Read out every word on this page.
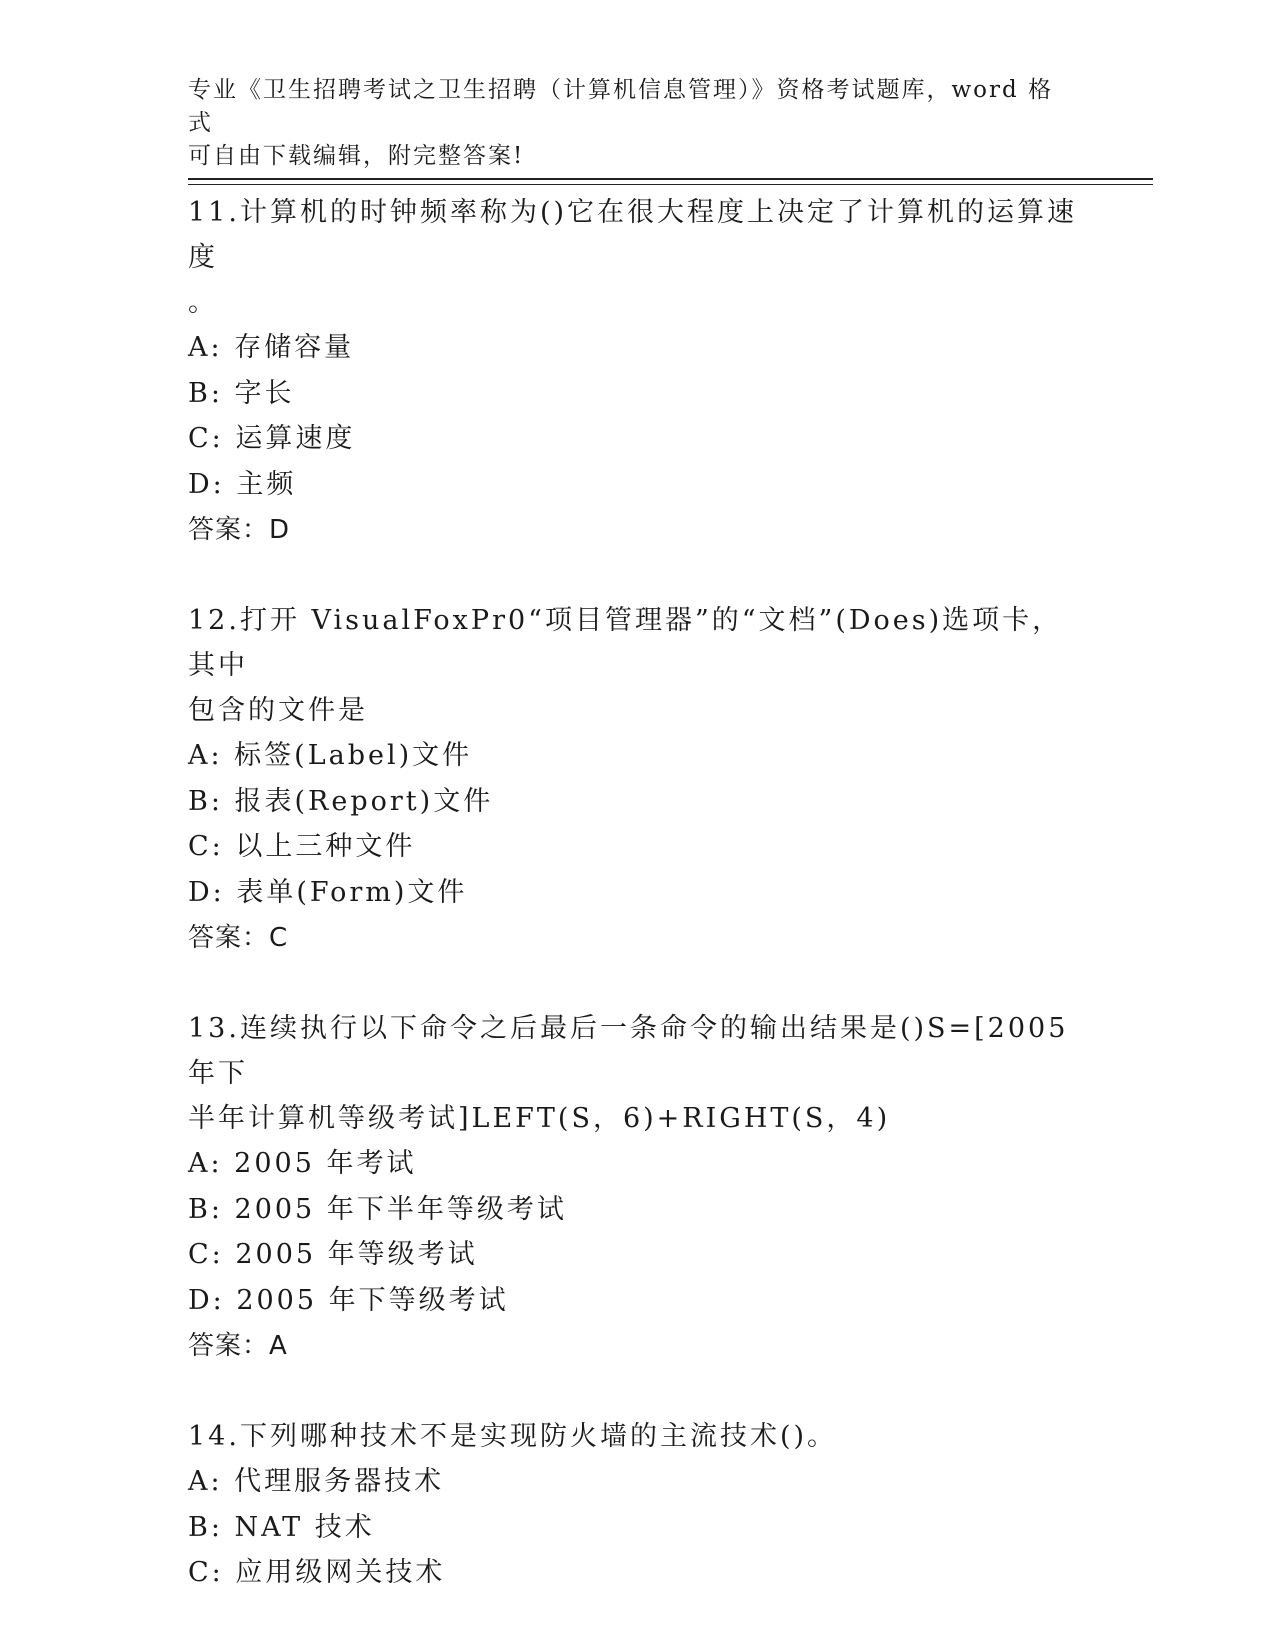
专业《卫生招聘考试之卫生招聘（计算机信息管理）》资格考试题库，word 格式
可自由下载编辑，附完整答案!
11.计算机的时钟频率称为()它在很大程度上决定了计算机的运算速度
。
A: 存储容量
B: 字长
C: 运算速度
D: 主频
答案：D
12.打开 VisualFoxPr0“项目管理器”的“文档”(Does)选项卡，其中
包含的文件是
A: 标签(Label)文件
B: 报表(Report)文件
C: 以上三种文件
D: 表单(Form)文件
答案：C
13.连续执行以下命令之后最后一条命令的输出结果是()S=[2005 年下
半年计算机等级考试]LEFT(S，6)+RIGHT(S，4)
A: 2005 年考试
B: 2005 年下半年等级考试
C: 2005 年等级考试
D: 2005 年下等级考试
答案：A
14.下列哪种技术不是实现防火墙的主流技术()。
A: 代理服务器技术
B: NAT 技术
C: 应用级网关技术
